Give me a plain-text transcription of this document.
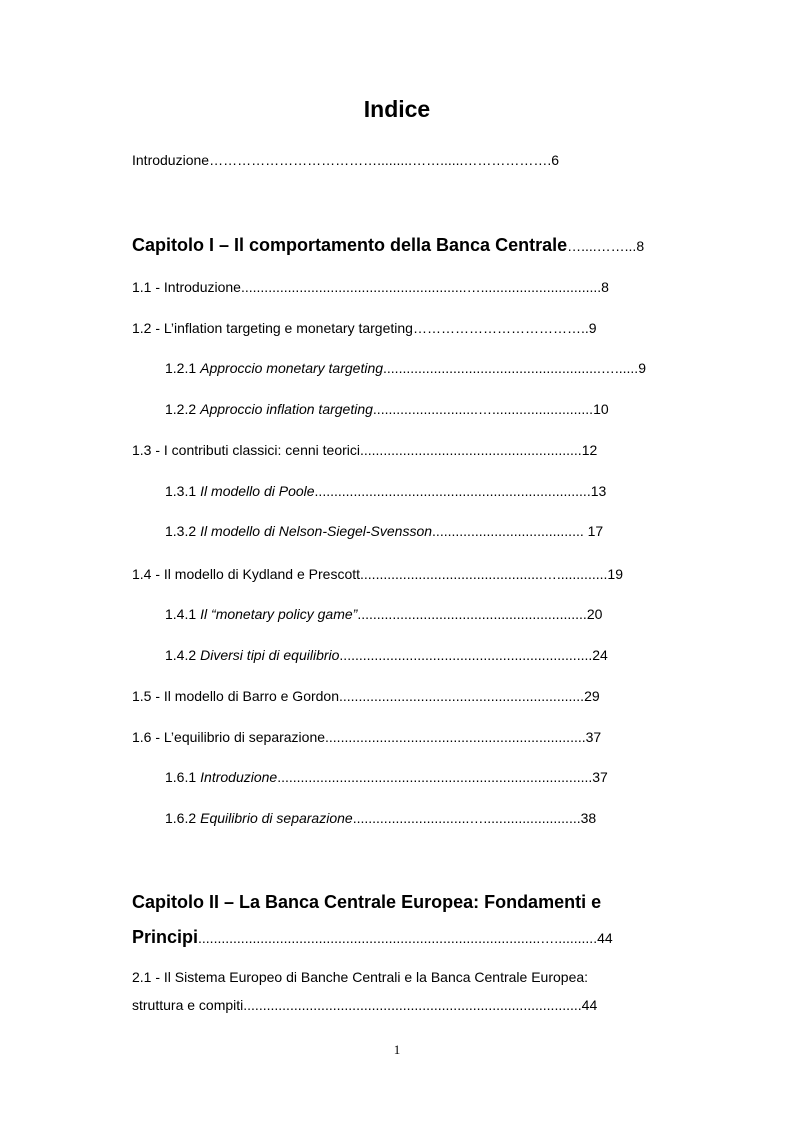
Indice
Introduzione……………………………….........……......……………….6
Capitolo I – Il comportamento della Banca Centrale…....……...8
1.1 - Introduzione..........................................................…...............................8
1.2 - L’inflation targeting e monetary targeting………………………………..9
1.2.1 Approccio monetary targeting........................................................…......9
1.2.2 Approccio inflation targeting...........................…..........................10
1.3 - I contributi classici: cenni teorici.........................................................12
1.3.1 Il modello di Poole.......................................................................13
1.3.2 Il modello di Nelson-Siegel-Svensson....................................... 17
1.4 - Il modello di Kydland e Prescott...............................................….............19
1.4.1 Il “monetary policy game”...........................................................20
1.4.2 Diversi tipi di equilibrio.................................................................24
1.5 - Il modello di Barro e Gordon...............................................................29
1.6 - L’equilibrio di separazione...................................................................37
1.6.1 Introduzione.................................................................................37
1.6.2 Equilibrio di separazione..............................….........................38
Capitolo II – La Banca Centrale Europea: Fondamenti e
Principi........................................................................................…...........44
2.1 - Il Sistema Europeo di Banche Centrali e la Banca Centrale Europea:
struttura e compiti.......................................................................................44
1
